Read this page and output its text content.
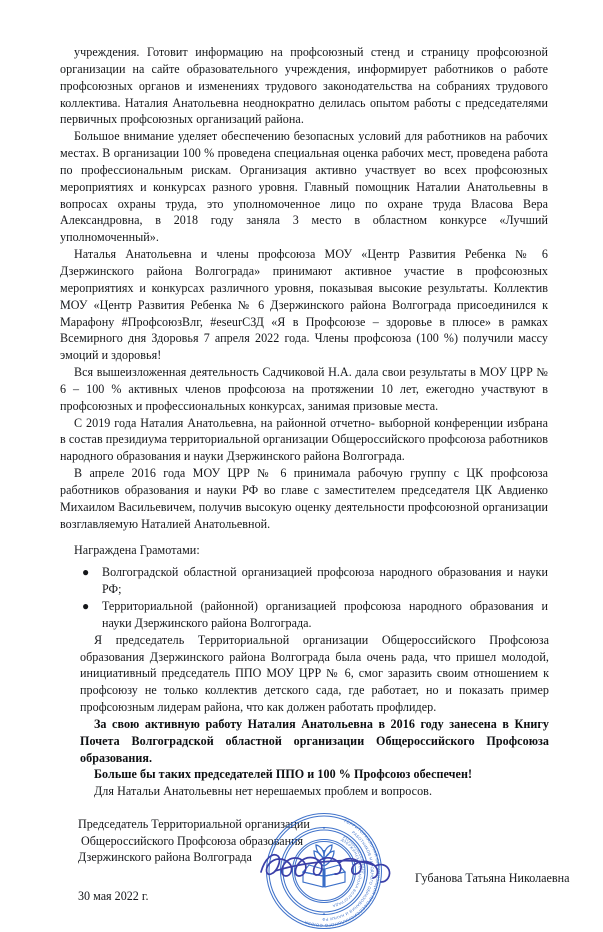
учреждения. Готовит информацию на профсоюзный стенд и страницу профсоюзной организации на сайте образовательного учреждения, информирует работников о работе профсоюзных органов и изменениях трудового законодательства на собраниях трудового коллектива. Наталия Анатольевна неоднократно делилась опытом работы с председателями первичных профсоюзных организаций района.

Большое внимание уделяет обеспечению безопасных условий для работников на рабочих местах. В организации 100 % проведена специальная оценка рабочих мест, проведена работа по профессиональным рискам. Организация активно участвует во всех профсоюзных мероприятиях и конкурсах разного уровня. Главный помощник Наталии Анатольевны в вопросах охраны труда, это уполномоченное лицо по охране труда Власова Вера Александровна, в 2018 году заняла 3 место в областном конкурсе «Лучший уполномоченный».

Наталья Анатольевна и члены профсоюза МОУ «Центр Развития Ребенка № 6 Дзержинского района Волгограда» принимают активное участие в профсоюзных мероприятиях и конкурсах различного уровня, показывая высокие результаты. Коллектив МОУ «Центр Развития Ребенка № 6 Дзержинского района Волгограда присоединился к Марафону #ПрофсоюзВлг, #eseurСЗД «Я в Профсоюзе – здоровье в плюсе» в рамках Всемирного дня Здоровья 7 апреля 2022 года. Члены профсоюза (100 %) получили массу эмоций и здоровья!

Вся вышеизложенная деятельность Садчиковой Н.А. дала свои результаты в МОУ ЦРР № 6 – 100 % активных членов профсоюза на протяжении 10 лет, ежегодно участвуют в профсоюзных и профессиональных конкурсах, занимая призовые места.

С 2019 года Наталия Анатольевна, на районной отчетно- выборной конференции избрана в состав президиума территориальной организации Общероссийского профсоюза работников народного образования и науки Дзержинского района Волгограда.

В апреле 2016 года МОУ ЦРР № 6 принимала рабочую группу с ЦК профсоюза работников образования и науки РФ во главе с заместителем председателя ЦК Авдиенко Михаилом Васильевичем, получив высокую оценку деятельности профсоюзной организации возглавляемую Наталией Анатольевной.

Награждена Грамотами:

● Волгоградской областной организацией профсоюза народного образования и науки РФ;
● Территориальной (районной) организацией профсоюза народного образования и науки Дзержинского района Волгограда.

Я председатель Территориальной организации Общероссийского Профсоюза образования Дзержинского района Волгограда была очень рада, что пришел молодой, инициативный председатель ППО МОУ ЦРР № 6, смог заразить своим отношением к профсоюзу не только коллектив детского сада, где работает, но и показать пример профсоюзным лидерам района, что как должен работать профлидер.

За свою активную работу Наталия Анатольевна в 2016 году занесена в Книгу Почета Волгоградской областной организации Общероссийского Профсоюза образования.

Больше бы таких председателей ППО и 100 % Профсоюз обеспечен!

Для Натальи Анатольевны нет нерешаемых проблем и вопросов.

Председатель Территориальной организации
Общероссийского Профсоюза образования
Дзержинского района Волгограда
30 мая 2022 г.
Губанова Татьяна Николаевна
ТЕРРИТОРИАЛЬНАЯ ОРГАНИЗАЦИЯ ПРОФЕССИОНАЛЬНОГО СОЮЗА
РАБОТНИКОВ НАРОДНОГО ОБРАЗОВАНИЯ И НАУКИ РФ
ОГРН 1023400003214
ДЗЕРЖИНСКОГО РАЙОНА ВОЛГОГРАДА
